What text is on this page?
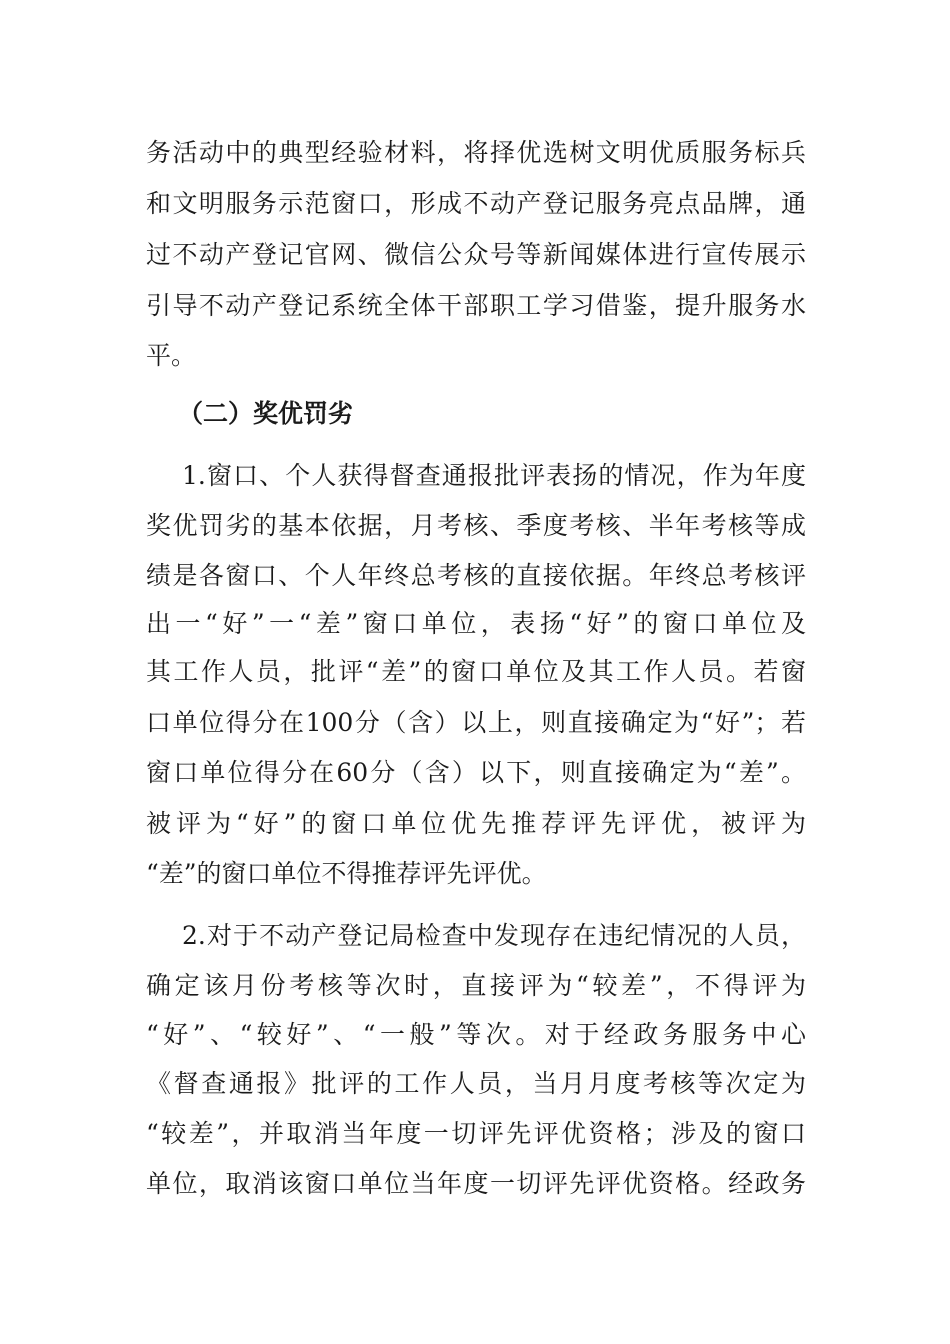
务活动中的典型经验材料，将择优选树文明优质服务标兵
和文明服务示范窗口，形成不动产登记服务亮点品牌，通
过不动产登记官网、微信公众号等新闻媒体进行宣传展示
引导不动产登记系统全体干部职工学习借鉴，提升服务水
平。
（二）奖优罚劣
1.窗口、个人获得督查通报批评表扬的情况，作为年度
奖优罚劣的基本依据，月考核、季度考核、半年考核等成
绩是各窗口、个人年终总考核的直接依据。年终总考核评
出一“好”一“差”窗口单位，表扬“好”的窗口单位及
其工作人员，批评“差”的窗口单位及其工作人员。若窗
口单位得分在100分（含）以上，则直接确定为“好”；若
窗口单位得分在60分（含）以下，则直接确定为“差”。
被评为“好”的窗口单位优先推荐评先评优，被评为
“差”的窗口单位不得推荐评先评优。
2.对于不动产登记局检查中发现存在违纪情况的人员，
确定该月份考核等次时，直接评为“较差”，不得评为
“好”、“较好”、“一般”等次。对于经政务服务中心
《督查通报》批评的工作人员，当月月度考核等次定为
“较差”，并取消当年度一切评先评优资格；涉及的窗口
单位，取消该窗口单位当年度一切评先评优资格。经政务
